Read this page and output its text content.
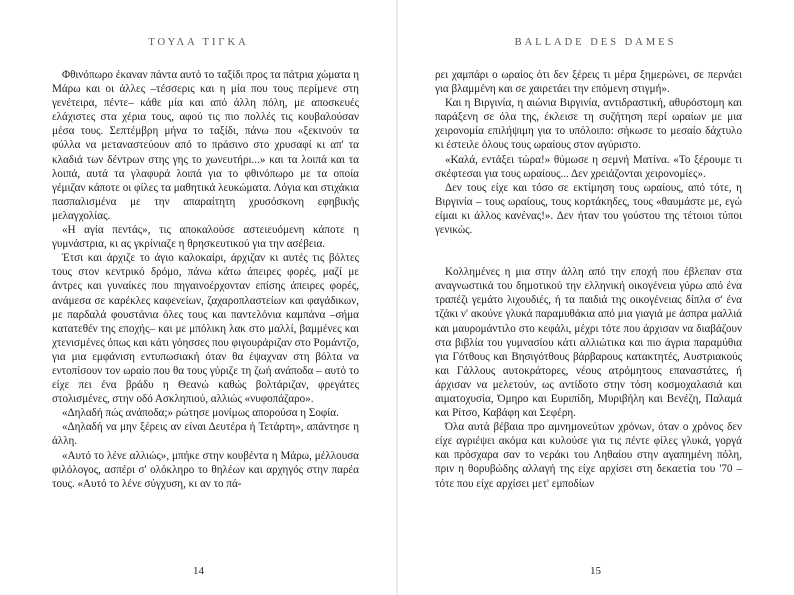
ΤΟΥΛΑ ΤΙΓΚΑ

Φθινόπωρο έκαναν πάντα αυτό το ταξίδι προς τα πάτρια χώματα η Μάρω και οι άλλες –τέσσερις και η μία που τους περίμενε στη γενέτειρα, πέντε– κάθε μία και από άλλη πόλη, με αποσκευές ελάχιστες στα χέρια τους, αφού τις πιο πολλές τις κουβαλούσαν μέσα τους. Σεπτέμβρη μήνα το ταξίδι, πάνω που «ξεκινούν τα φύλλα να μεταναστεύουν από το πράσινο στο χρυσαφί κι απ' τα κλαδιά των δέντρων στης γης το χωνευτήρι...» και τα λοιπά και τα λοιπά, αυτά τα γλαφυρά λοιπά για το φθινόπωρο με τα οποία γέμιζαν κάποτε οι φίλες τα μαθητικά λευκώματα. Λόγια και στιχάκια πασπαλισμένα με την απαραίτητη χρυσόσκονη εφηβικής μελαγχολίας.

«Η αγία πεντάς», τις αποκαλούσε αστειευόμενη κάποτε η γυμνάστρια, κι ας γκρίνιαζε η θρησκευτικού για την ασέβεια.

Έτσι και άρχιζε το άγιο καλοκαίρι, άρχιζαν κι αυτές τις βόλτες τους στον κεντρικό δρόμο, πάνω κάτω άπειρες φορές, μαζί με άντρες και γυναίκες που πηγαινοέρχονταν επίσης άπειρες φορές, ανάμεσα σε καρέκλες καφενείων, ζαχαροπλαστείων και φαγάδικων, με παρδαλά φουστάνια όλες τους και παντελόνια καμπάνα –σήμα κατατεθέν της εποχής– και με μπόλικη λακ στο μαλλί, βαμμένες και χτενισμένες όπως και κάτι γόησσες που φιγουράριζαν στο Ρομάντζο, για μια εμφάνιση εντυπωσιακή όταν θα έψαχναν στη βόλτα να εντοπίσουν τον ωραίο που θα τους γύριζε τη ζωή ανάποδα – αυτό το είχε πει ένα βράδυ η Θεανώ καθώς βολτάριζαν, φρεγάτες στολισμένες, στην οδό Ασκληπιού, αλλιώς «νυφοπάζαρο».

«Δηλαδή πώς ανάποδα;» ρώτησε μονίμως απορούσα η Σοφία.

«Δηλαδή να μην ξέρεις αν είναι Δευτέρα ή Τετάρτη», απάντησε η άλλη.

«Αυτό το λένε αλλιώς», μπήκε στην κουβέντα η Μάρω, μέλλουσα φιλόλογος, ασπέρι σ' ολόκληρο το θηλέων και αρχηγός στην παρέα τους. «Αυτό το λένε σύγχυση, κι αν το πά-

14
BALLADE DES DAMES

ρει χαμπάρι ο ωραίος ότι δεν ξέρεις τι μέρα ξημερώνει, σε περνάει για βλαμμένη και σε χαιρετάει την επόμενη στιγμή».

Και η Βιργινία, η αιώνια Βιργινία, αντιδραστική, αθυρόστομη και παράξενη σε όλα της, έκλεισε τη συζήτηση περί ωραίων με μια χειρονομία επιλήψιμη για το υπόλοιπο: σήκωσε το μεσαίο δάχτυλο κι έστειλε όλους τους ωραίους στον αγύριστο.

«Καλά, εντάξει τώρα!» θύμωσε η σεμνή Ματίνα. «Το ξέρουμε τι σκέφτεσαι για τους ωραίους... Δεν χρειάζονται χειρονομίες».

Δεν τους είχε και τόσο σε εκτίμηση τους ωραίους, από τότε, η Βιργινία – τους ωραίους, τους κορτάκηδες, τους «θαυμάστε με, εγώ είμαι κι άλλος κανένας!». Δεν ήταν του γούστου της τέτοιοι τύποι γενικώς.

Κολλημένες η μια στην άλλη από την εποχή που έβλεπαν στα αναγνωστικά του δημοτικού την ελληνική οικογένεια γύρω από ένα τραπέζι γεμάτο λιχουδιές, ή τα παιδιά της οικογένειας δίπλα σ' ένα τζάκι ν' ακούνε γλυκά παραμυθάκια από μια γιαγιά με άσπρα μαλλιά και μαυρομάντιλο στο κεφάλι, μέχρι τότε που άρχισαν να διαβάζουν στα βιβλία του γυμνασίου κάτι αλλιώτικα και πιο άγρια παραμύθια για Γότθους και Βησιγότθους βάρβαρους κατακτητές, Αυστριακούς και Γάλλους αυτοκράτορες, νέους ατρόμητους επαναστάτες, ή άρχισαν να μελετούν, ως αντίδοτο στην τόση κοσμοχαλασιά και αιματοχυσία, Όμηρο και Ευριπίδη, Μυριβήλη και Βενέζη, Παλαμά και Ρίτσο, Καβάφη και Σεφέρη.

Όλα αυτά βέβαια προ αμνημονεύτων χρόνων, όταν ο χρόνος δεν είχε αγριέψει ακόμα και κυλούσε για τις πέντε φίλες γλυκά, γοργά και πρόσχαρα σαν το νεράκι του Ληθαίου στην αγαπημένη πόλη, πριν η θορυβώδης αλλαγή της είχε αρχίσει στη δεκαετία του '70 – τότε που είχε αρχίσει μετ' εμποδίων

15
